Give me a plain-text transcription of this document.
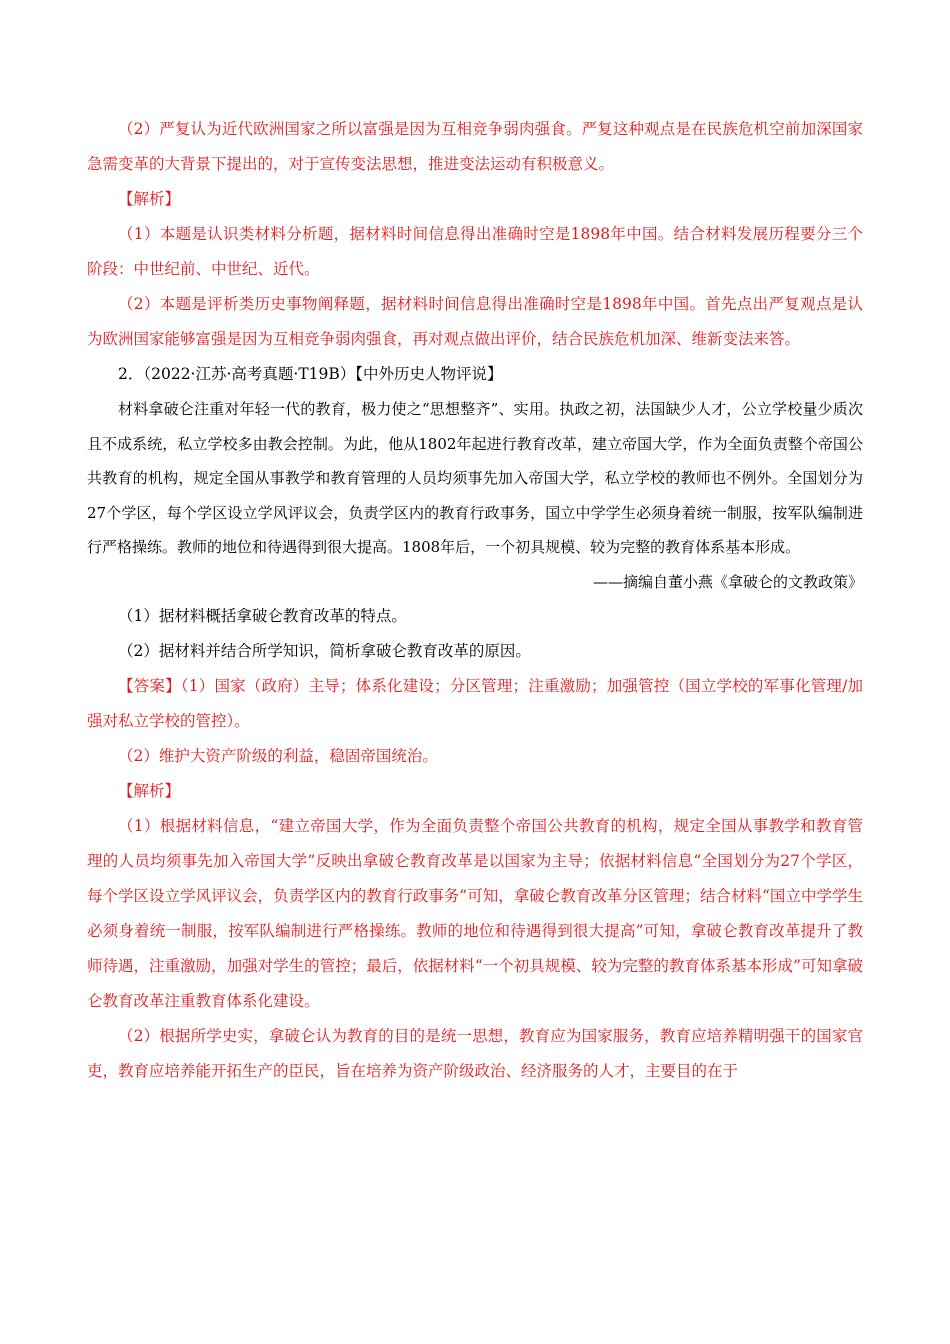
（2）严复认为近代欧洲国家之所以富强是因为互相竞争弱肉强食。严复这种观点是在民族危机空前加深国家急需变革的大背景下提出的，对于宣传变法思想，推进变法运动有积极意义。

【解析】

（1）本题是认识类材料分析题，据材料时间信息得出准确时空是1898年中国。结合材料发展历程要分三个阶段：中世纪前、中世纪、近代。

（2）本题是评析类历史事物阐释题，据材料时间信息得出准确时空是1898年中国。首先点出严复观点是认为欧洲国家能够富强是因为互相竞争弱肉强食，再对观点做出评价，结合民族危机加深、维新变法来答。

2．（2022·江苏·高考真题·T19B）【中外历史人物评说】

材料拿破仑注重对年轻一代的教育，极力使之“思想整齐”、实用。执政之初，法国缺少人才，公立学校量少质次且不成系统，私立学校多由教会控制。为此，他从1802年起进行教育改革，建立帝国大学，作为全面负责整个帝国公共教育的机构，规定全国从事教学和教育管理的人员均须事先加入帝国大学，私立学校的教师也不例外。全国划分为27个学区，每个学区设立学风评议会，负责学区内的教育行政事务，国立中学学生必须身着统一制服，按军队编制进行严格操练。教师的地位和待遇得到很大提高。1808年后，一个初具规模、较为完整的教育体系基本形成。

——摘编自董小燕《拿破仑的文教政策》

（1）据材料概括拿破仑教育改革的特点。

（2）据材料并结合所学知识，简析拿破仑教育改革的原因。

【答案】（1）国家（政府）主导；体系化建设；分区管理；注重激励；加强管控（国立学校的军事化管理/加强对私立学校的管控）。

（2）维护大资产阶级的利益，稳固帝国统治。

【解析】

（1）根据材料信息，“建立帝国大学，作为全面负责整个帝国公共教育的机构，规定全国从事教学和教育管理的人员均须事先加入帝国大学”反映出拿破仑教育改革是以国家为主导；依据材料信息“全国划分为27个学区，每个学区设立学风评议会，负责学区内的教育行政事务”可知，拿破仑教育改革分区管理；结合材料“国立中学学生必须身着统一制服，按军队编制进行严格操练。教师的地位和待遇得到很大提高”可知，拿破仑教育改革提升了教师待遇，注重激励，加强对学生的管控；最后，依据材料“一个初具规模、较为完整的教育体系基本形成”可知拿破仑教育改革注重教育体系化建设。

（2）根据所学史实，拿破仑认为教育的目的是统一思想，教育应为国家服务，教育应培养精明强干的国家官吏，教育应培养能开拓生产的臣民，旨在培养为资产阶级政治、经济服务的人才，主要目的在于
